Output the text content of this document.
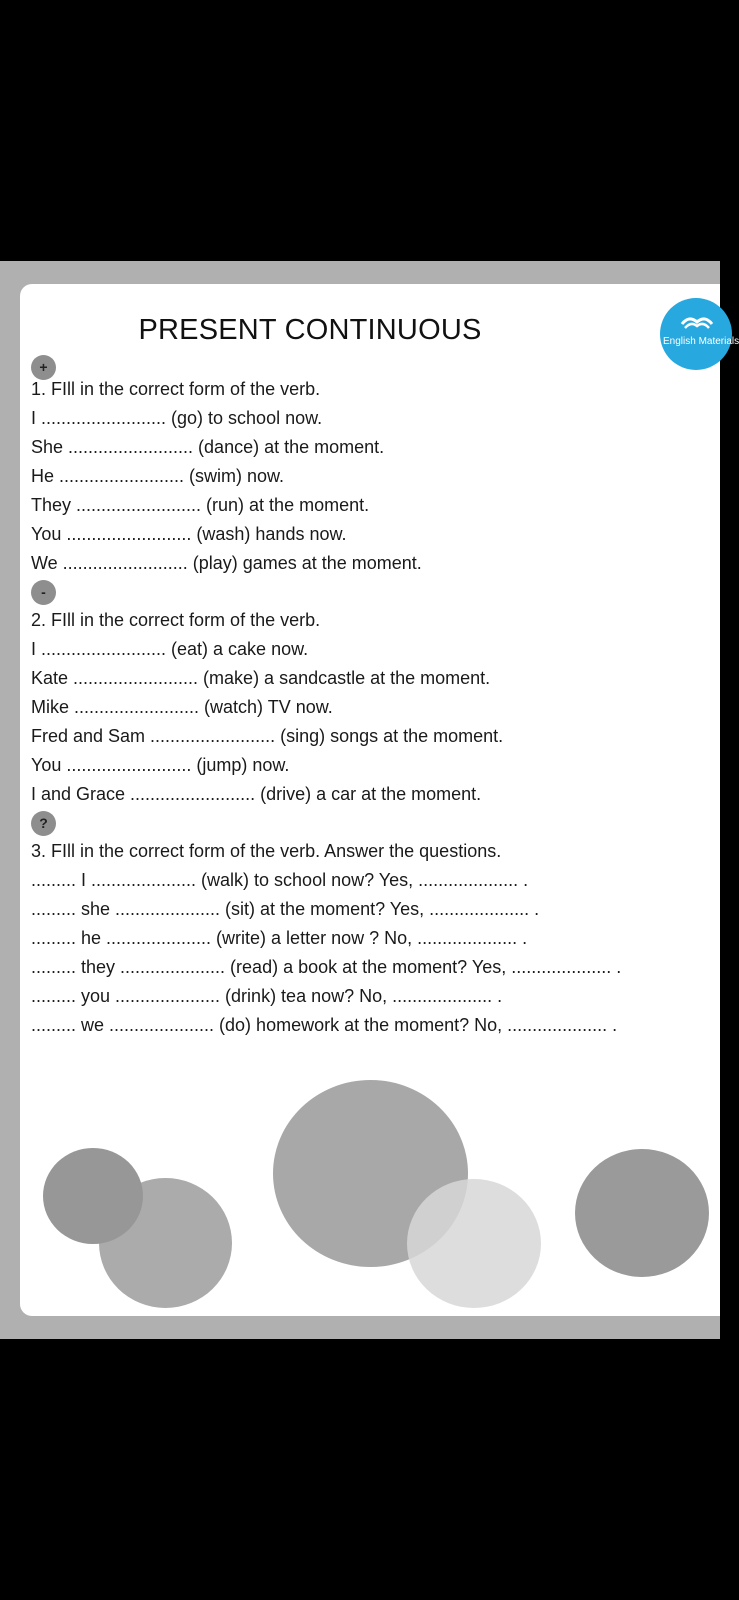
PRESENT CONTINUOUS	English Materials
+
1. FIll in the correct form of the verb.
I ......................... (go) to school now.
She ......................... (dance) at the moment.
He ......................... (swim) now.
They ......................... (run) at the moment.
You ......................... (wash) hands now.
We ......................... (play) games at the moment.
-
2. FIll in the correct form of the verb.
I ......................... (eat) a cake now.
Kate ......................... (make) a sandcastle at the moment.
Mike ......................... (watch) TV now.
Fred and Sam ......................... (sing) songs at the moment.
You ......................... (jump) now.
I and Grace ......................... (drive) a car at the moment.
?
3. FIll in the correct form of the verb. Answer the questions.
......... I ..................... (walk) to school now? Yes, .................... .
......... she ..................... (sit) at the moment? Yes, .................... .
......... he ..................... (write) a letter now ? No, .................... .
......... they ..................... (read) a book at the moment? Yes, .................... .
......... you ..................... (drink) tea now? No, .................... .
......... we ..................... (do) homework at the moment? No, .................... .
